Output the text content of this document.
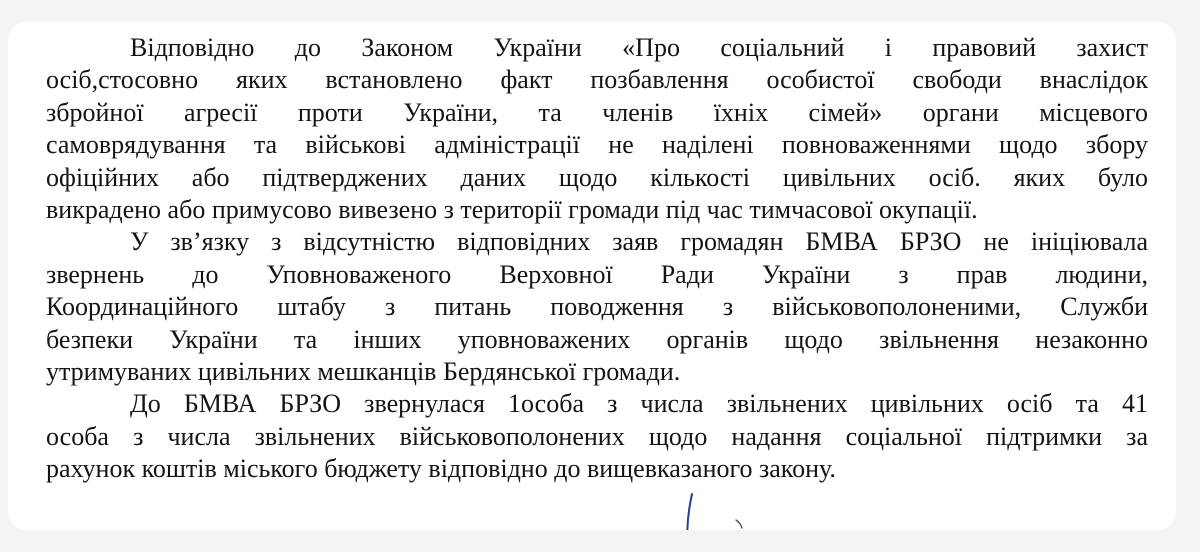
Відповідно до Законом України «Про соціальний і правовий захист
осіб,стосовно яких встановлено факт позбавлення особистої свободи внаслідок
збройної агресії проти України, та членів їхніх сімей» органи місцевого
самоврядування та військові адміністрації не наділені повноваженнями щодо збору
офіційних або підтверджених даних щодо кількості цивільних осіб. яких було
викрадено або примусово вивезено з території громади під час тимчасової окупації.
У зв’язку з відсутністю відповідних заяв громадян БМВА БРЗО не ініціювала
звернень до Уповноваженого Верховної Ради України з прав людини,
Координаційного штабу з питань поводження з військовополоненими, Служби
безпеки України та інших уповноважених органів щодо звільнення незаконно
утримуваних цивільних мешканців Бердянської громади.
До БМВА БРЗО звернулася 1особа з числа звільнених цивільних осіб та 41
особа з числа звільнених військовополонених щодо надання соціальної підтримки за
рахунок коштів міського бюджету відповідно до вищевказаного закону.
